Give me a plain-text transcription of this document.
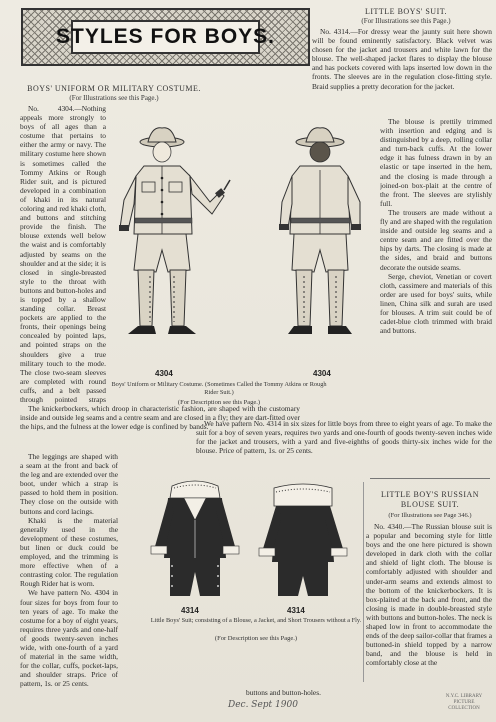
STYLES FOR BOYS.
LITTLE BOYS' SUIT.
(For Illustrations see this Page.)

No. 4314.—For dressy wear the jaunty suit here shown will be found eminently satisfactory. Black velvet was chosen for the jacket and trousers and white lawn for the blouse. The well-shaped jacket flares to display the blouse and has pockets covered with laps inserted low down in the fronts. The sleeves are in the regulation close-fitting style. Braid supplies a pretty decoration for the jacket.

The blouse is prettily trimmed with insertion and edging and is distinguished by a deep, rolling collar and turn-back cuffs. At the lower edge it has fulness drawn in by an elastic or tape inserted in the hem, and the closing is made through a joined-on box-plait at the centre of the front. The sleeves are stylishly full.

The trousers are made without a fly and are shaped with the regulation inside and outside leg seams and a centre seam and are fitted over the hips by darts. The closing is made at the sides, and braid and buttons decorate the outside seams.

Serge, cheviot, Venetian or covert cloth, cassimere and materials of this order are used for boys' suits, while linen, China silk and surah are used for blouses. A trim suit could be of cadet-blue cloth trimmed with braid and buttons.

BOYS' UNIFORM OR MILITARY COSTUME.
(For Illustrations see this Page.)

No. 4304.—Nothing appeals more strongly to boys of all ages than a costume that pertains to either the army or navy. The military costume here shown is sometimes called the Tommy Atkins or Rough Rider suit, and is pictured developed in a combination of khaki in its natural coloring and red khaki cloth, and buttons and stitching provide the finish. The blouse extends well below the waist and is comfortably adjusted by seams on the shoulder and at the side; it is closed in single-breasted style to the throat with buttons and button-holes and is topped by a shallow standing collar. Breast pockets are applied to the fronts, their openings being concealed by pointed laps, and pointed straps on the shoulders give a true military touch to the mode. The close two-seam sleeves are completed with round cuffs, and a belt passed through pointed straps

The knickerbockers, which droop in characteristic fashion, are shaped with the customary inside and outside leg seams and a centre seam and are closed in a fly; they are dart-fitted over the hips, and the fulness at the lower edge is confined by bands.

The leggings are shaped with a seam at the front and back of the leg and are extended over the boot, under which a strap is passed to hold them in position. They close on the outside with buttons and cord lacings.

Khaki is the material generally used in the development of these costumes, but linen or duck could be employed, and the trimming is more effective when of a contrasting color. The regulation Rough Rider hat is worn.

We have pattern No. 4304 in four sizes for boys from four to ten years of age. To make the costume for a boy of eight years, requires three yards and one-half of goods twenty-seven inches wide, with one-fourth of a yard of material in the same width, for the collar, cuffs, pocket-laps, and shoulder straps. Price of pattern, 1s. or 25 cents.

4304	4304
Boys' Uniform or Military Costume. (Sometimes Called the Tommy Atkins or Rough Rider Suit.)
(For Description see this Page.)

We have pattern No. 4314 in six sizes for little boys from three to eight years of age. To make the suit for a boy of seven years, requires two yards and one-fourth of goods twenty-seven inches wide for the jacket and trousers, with a yard and five-eighths of goods thirty-six inches wide for the blouse. Price of pattern, 1s. or 25 cents.

LITTLE BOY'S RUSSIAN BLOUSE SUIT.
(For Illustrations see Page 346.)

No. 4340.—The Russian blouse suit is a popular and becoming style for little boys and the one here pictured is shown developed in dark cloth with the collar and shield of light cloth. The blouse is comfortably adjusted with shoulder and under-arm seams and extends almost to the bottom of the knickerbockers. It is box-plaited at the back and front, and the closing is made in double-breasted style with buttons and button-holes. The neck is shaped low in front to accommodate the ends of the deep sailor-collar that frames a buttoned-in shield topped by a narrow band, and the blouse is held in comfortably close at the

4314	4314
Little Boys' Suit; consisting of a Blouse, a Jacket, and Short Trousers without a Fly.
(For Description see this Page.)

buttons and button-holes.

Dec. Sept 1900
N.Y.C. LIBRARY PICTURE COLLECTION
